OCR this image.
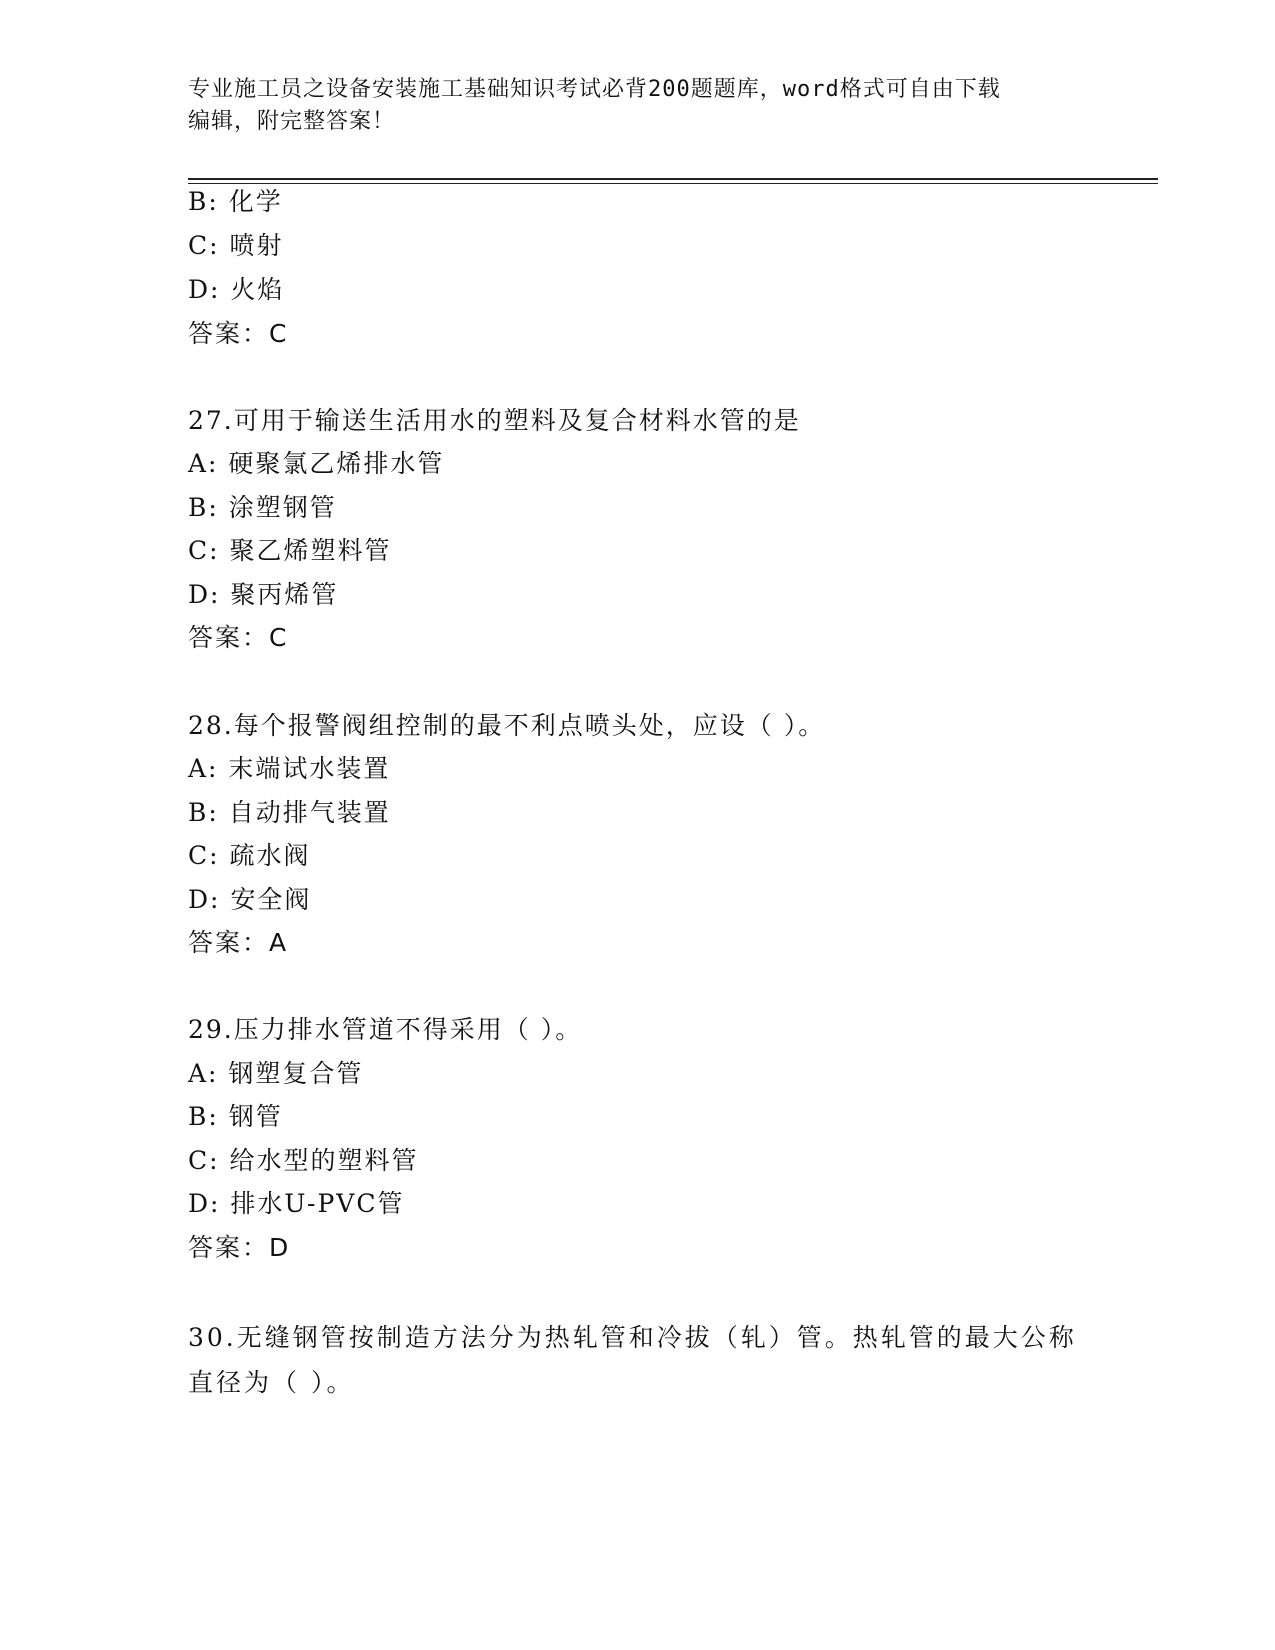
专业施工员之设备安装施工基础知识考试必背200题题库，word格式可自由下载
编辑，附完整答案！
B: 化学
C: 喷射
D: 火焰
答案：C
27.可用于输送生活用水的塑料及复合材料水管的是
A: 硬聚氯乙烯排水管
B: 涂塑钢管
C: 聚乙烯塑料管
D: 聚丙烯管
答案：C
28.每个报警阀组控制的最不利点喷头处，应设（ ）。
A: 末端试水装置
B: 自动排气装置
C: 疏水阀
D: 安全阀
答案：A
29.压力排水管道不得采用（ ）。
A: 钢塑复合管
B: 钢管
C: 给水型的塑料管
D: 排水U-PVC管
答案：D
30.无缝钢管按制造方法分为热轧管和冷拔（轧）管。热轧管的最大公称直径为（ ）。
